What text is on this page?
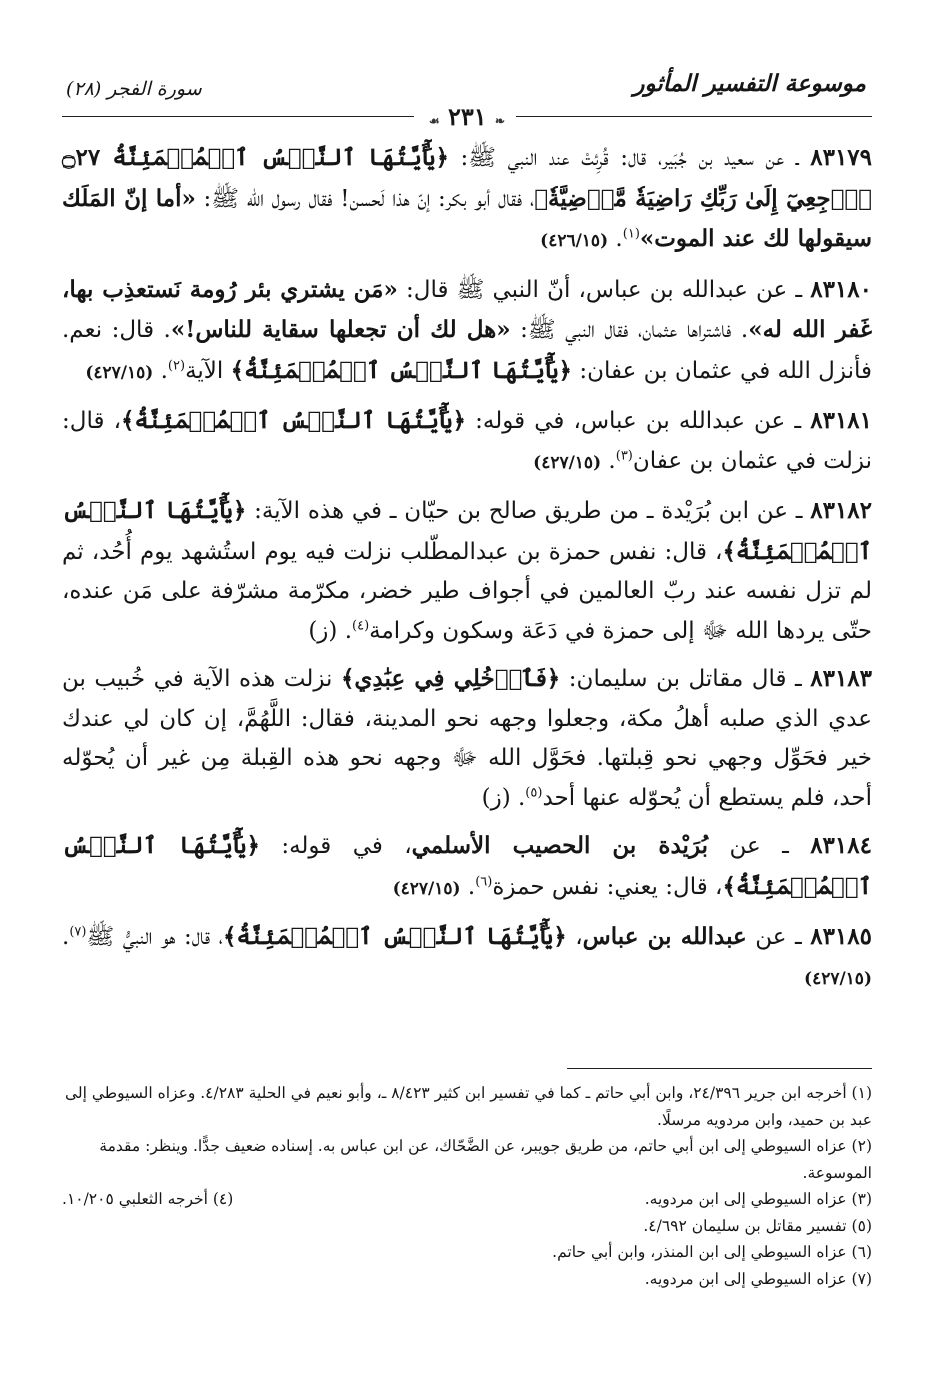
موسوعة التفسير المأثور
سورة الفجر (٢٨)
❧ ٢٣١ ☙

٨٣١٧٩ ـ عن سعيد بن جُبَير، قال: قُرِئتْ عند النبي ﷺ: ﴿يَٰٓأَيَّتُهَا ٱلنَّفۡسُ ٱلۡمُطۡمَئِنَّةُ ۝٢٧ ٱرۡجِعِيٓ إِلَىٰ رَبِّكِ رَاضِيَةٗ مَّرۡضِيَّةٗ﴾، فقال أبو بكر: إنّ هذا لَحسن! فقال رسول الله ﷺ: «أما إنّ المَلَك سيقولها لك عند الموت»$^{(١)}$. (٤٢٦/١٥)

٨٣١٨٠ ـ عن عبدالله بن عباس، أنّ النبي ﷺ قال: «مَن يشتري بئر رُومة نَستعذِب بها، غَفر الله له». فاشتراها عثمان، فقال النبي ﷺ: «هل لك أن تجعلها سقاية للناس!». قال: نعم. فأنزل الله في عثمان بن عفان: ﴿يَٰٓأَيَّتُهَا ٱلنَّفۡسُ ٱلۡمُطۡمَئِنَّةُ﴾ الآية$^{(٢)}$. (٤٢٧/١٥)

٨٣١٨١ ـ عن عبدالله بن عباس، في قوله: ﴿يَٰٓأَيَّتُهَا ٱلنَّفۡسُ ٱلۡمُطۡمَئِنَّةُ﴾، قال: نزلت في عثمان بن عفان$^{(٣)}$. (٤٢٧/١٥)

٨٣١٨٢ ـ عن ابن بُرَيْدة ـ من طريق صالح بن حيّان ـ في هذه الآية: ﴿يَٰٓأَيَّتُهَا ٱلنَّفۡسُ ٱلۡمُطۡمَئِنَّةُ﴾، قال: نفس حمزة بن عبدالمطّلب نزلت فيه يوم استُشهد يوم أُحُد، ثم لم تزل نفسه عند ربّ العالمين في أجواف طير خضر، مكرّمة مشرّفة على مَن عنده، حتّى يردها الله ﷻ إلى حمزة في دَعَة وسكون وكرامة$^{(٤)}$. (ز)

٨٣١٨٣ ـ قال مقاتل بن سليمان: ﴿فَٱدۡخُلِي فِي عِبَٰدِي﴾ نزلت هذه الآية في خُبيب بن عدي الذي صلبه أهلُ مكة، وجعلوا وجهه نحو المدينة، فقال: اللَّهُمَّ، إن كان لي عندك خير فحَوِّل وجهي نحو قِبلتها. فحَوَّل الله ﷻ وجهه نحو هذه القِبلة مِن غير أن يُحوّله أحد، فلم يستطع أن يُحوّله عنها أحد$^{(٥)}$. (ز)

٨٣١٨٤ ـ عن بُرَيْدة بن الحصيب الأسلمي، في قوله: ﴿يَٰٓأَيَّتُهَا ٱلنَّفۡسُ ٱلۡمُطۡمَئِنَّةُ﴾، قال: يعني: نفس حمزة$^{(٦)}$. (٤٢٧/١٥)

٨٣١٨٥ ـ عن عبدالله بن عباس، ﴿يَٰٓأَيَّتُهَا ٱلنَّفۡسُ ٱلۡمُطۡمَئِنَّةُ﴾، قال: هو النبيُّ ﷺ$^{(٧)}$. (٤٢٧/١٥)

(١) أخرجه ابن جرير ٢٤/٣٩٦، وابن أبي حاتم ـ كما في تفسير ابن كثير ٨/٤٢٣ ـ، وأبو نعيم في الحلية ٤/٢٨٣. وعزاه السيوطي إلى عبد بن حميد، وابن مردويه مرسلًا.

(٢) عزاه السيوطي إلى ابن أبي حاتم، من طريق جويبر، عن الضَّحّاك، عن ابن عباس به. إسناده ضعيف جدًّا. وينظر: مقدمة الموسوعة.

(٣) عزاه السيوطي إلى ابن مردويه.
(٤) أخرجه الثعلبي ١٠/٢٠٥.

(٥) تفسير مقاتل بن سليمان ٤/٦٩٢.

(٦) عزاه السيوطي إلى ابن المنذر، وابن أبي حاتم.

(٧) عزاه السيوطي إلى ابن مردويه.
